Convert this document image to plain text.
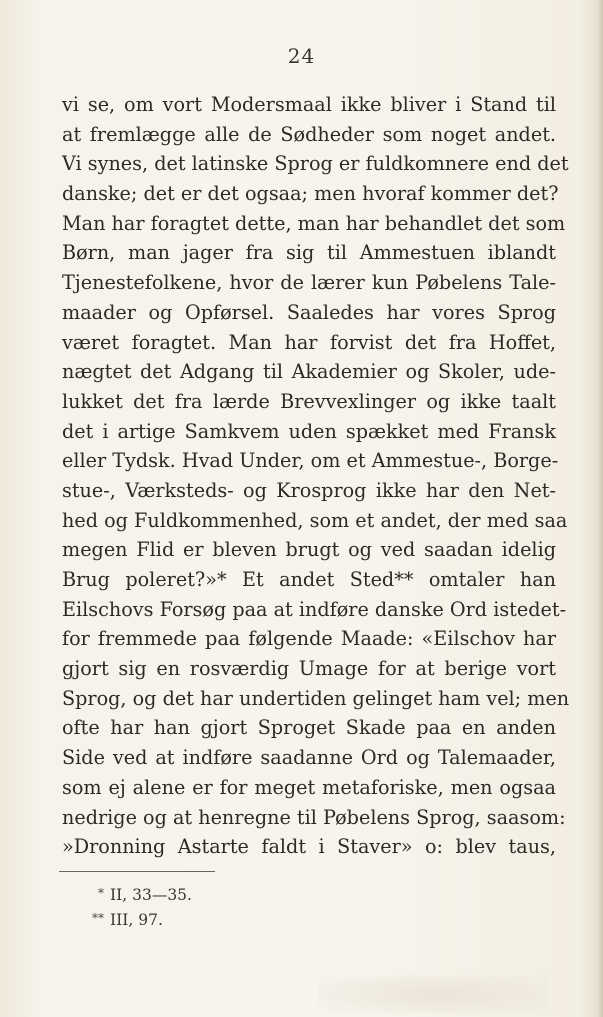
24
vi se, om vort Modersmaal ikke bliver i Stand til
at fremlægge alle de Sødheder som noget andet.
Vi synes, det latinske Sprog er fuldkomnere end det
danske; det er det ogsaa; men hvoraf kommer det?
Man har foragtet dette, man har behandlet det som
Børn, man jager fra sig til Ammestuen iblandt
Tjenestefolkene, hvor de lærer kun Pøbelens Tale-
maader og Opførsel. Saaledes har vores Sprog
været foragtet. Man har forvist det fra Hoffet,
nægtet det Adgang til Akademier og Skoler, ude-
lukket det fra lærde Brevvexlinger og ikke taalt
det i artige Samkvem uden spækket med Fransk
eller Tydsk. Hvad Under, om et Ammestue-, Borge-
stue-, Værksteds- og Krosprog ikke har den Net-
hed og Fuldkommenhed, som et andet, der med saa
megen Flid er bleven brugt og ved saadan idelig
Brug poleret?»* Et andet Sted** omtaler han
Eilschovs Forsøg paa at indføre danske Ord istedet-
for fremmede paa følgende Maade: «Eilschov har
gjort sig en rosværdig Umage for at berige vort
Sprog, og det har undertiden gelinget ham vel; men
ofte har han gjort Sproget Skade paa en anden
Side ved at indføre saadanne Ord og Talemaader,
som ej alene er for meget metaforiske, men ogsaa
nedrige og at henregne til Pøbelens Sprog, saasom:
»Dronning Astarte faldt i Staver» o: blev taus,
* II, 33—35.
** III, 97.
